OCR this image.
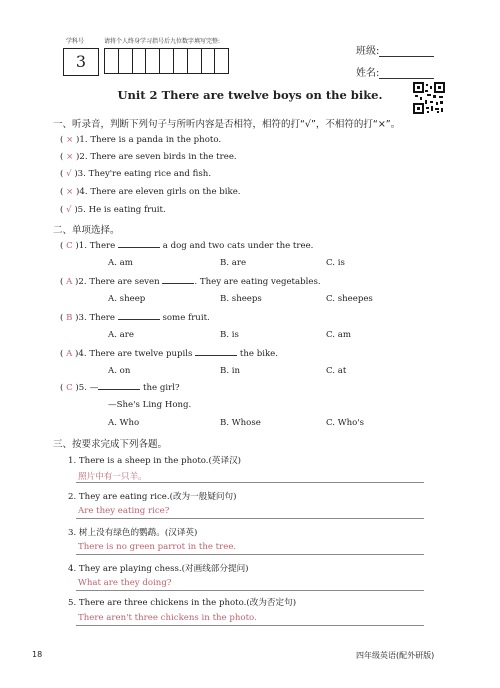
学科号	请将个人终身学习指号后九位数字填写完整:
3
班级:
姓名:
Unit 2 There are twelve boys on the bike.
一、听录音，判断下列句子与所听内容是否相符，相符的打“√”，不相符的打“×”。
( × )1. There is a panda in the photo.
( × )2. There are seven birds in the tree.
( √ )3. They're eating rice and fish.
( × )4. There are eleven girls on the bike.
( √ )5. He is eating fruit.
二、单项选择。
( C )1. There	a dog and two cats under the tree.
A. am	B. are	C. is
( A )2. There are seven	. They are eating vegetables.
A. sheep	B. sheeps	C. sheepes
( B )3. There	some fruit.
A. are	B. is	C. am
( A )4. There are twelve pupils	the bike.
A. on	B. in	C. at
( C )5. —	the girl?
—She's Ling Hong.
A. Who	B. Whose	C. Who's
三、按要求完成下列各题。
1. There is a sheep in the photo.(英译汉)
照片中有一只羊。
2. They are eating rice.(改为一般疑问句)
Are they eating rice?
3. 树上没有绿色的鹦鹉。(汉译英)
There is no green parrot in the tree.
4. They are playing chess.(对画线部分提问)
What are they doing?
5. There are three chickens in the photo.(改为否定句)
There aren't three chickens in the photo.
18	四年级英语(配外研版)
